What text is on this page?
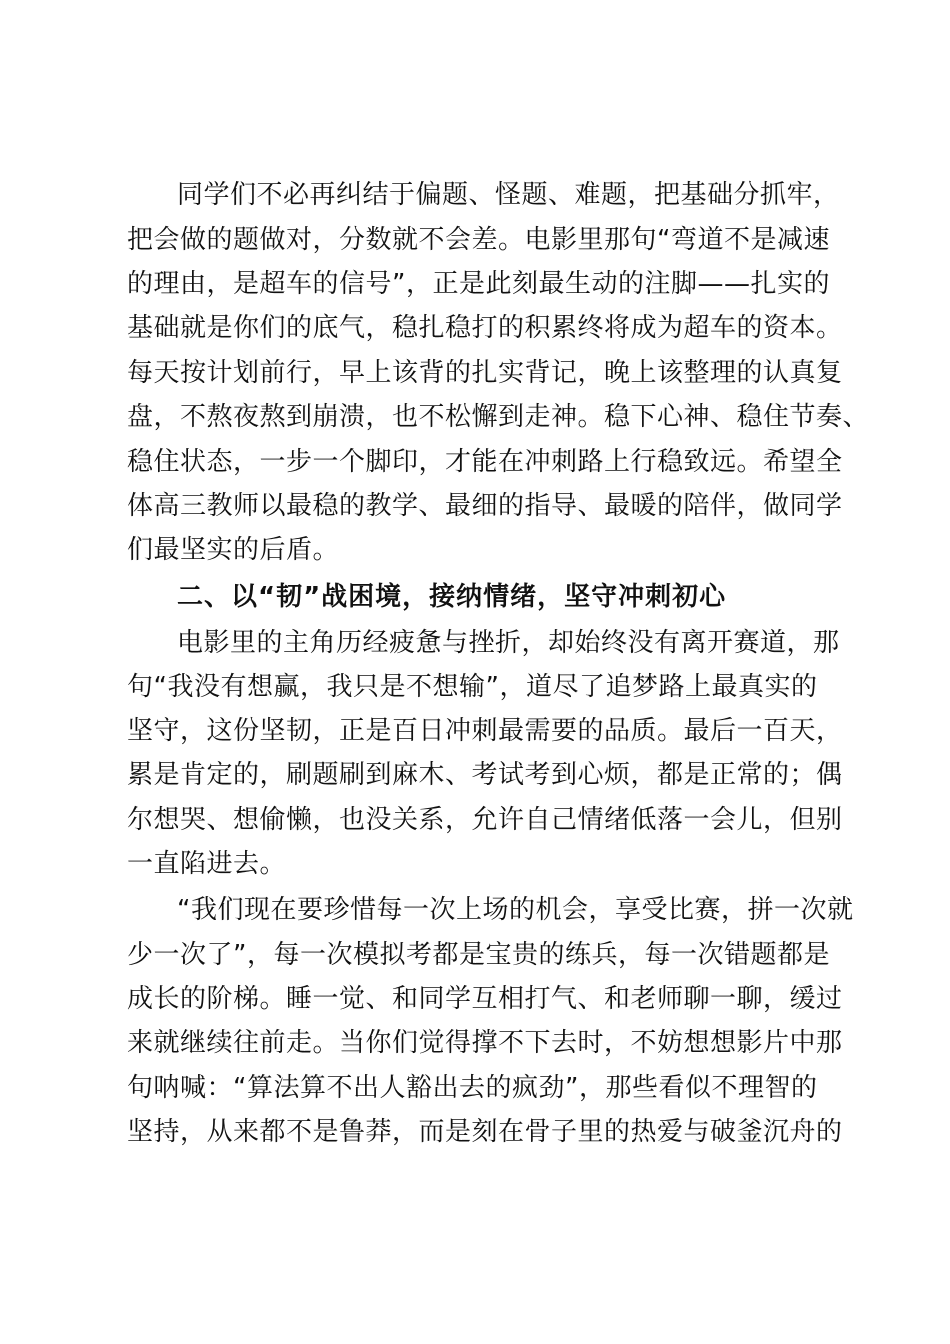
同学们不必再纠结于偏题、怪题、难题，把基础分抓牢，
把会做的题做对，分数就不会差。电影里那句“弯道不是减速
的理由，是超车的信号”，正是此刻最生动的注脚——扎实的
基础就是你们的底气，稳扎稳打的积累终将成为超车的资本。
每天按计划前行，早上该背的扎实背记，晚上该整理的认真复
盘，不熬夜熬到崩溃，也不松懈到走神。稳下心神、稳住节奏、
稳住状态，一步一个脚印，才能在冲刺路上行稳致远。希望全
体高三教师以最稳的教学、最细的指导、最暖的陪伴，做同学
们最坚实的后盾。
二、以“韧”战困境，接纳情绪，坚守冲刺初心
电影里的主角历经疲惫与挫折，却始终没有离开赛道，那
句“我没有想赢，我只是不想输”，道尽了追梦路上最真实的
坚守，这份坚韧，正是百日冲刺最需要的品质。最后一百天，
累是肯定的，刷题刷到麻木、考试考到心烦，都是正常的；偶
尔想哭、想偷懒，也没关系，允许自己情绪低落一会儿，但别
一直陷进去。
“我们现在要珍惜每一次上场的机会，享受比赛，拼一次就
少一次了”，每一次模拟考都是宝贵的练兵，每一次错题都是
成长的阶梯。睡一觉、和同学互相打气、和老师聊一聊，缓过
来就继续往前走。当你们觉得撑不下去时，不妨想想影片中那
句呐喊：“算法算不出人豁出去的疯劲”，那些看似不理智的
坚持，从来都不是鲁莽，而是刻在骨子里的热爱与破釜沉舟的
